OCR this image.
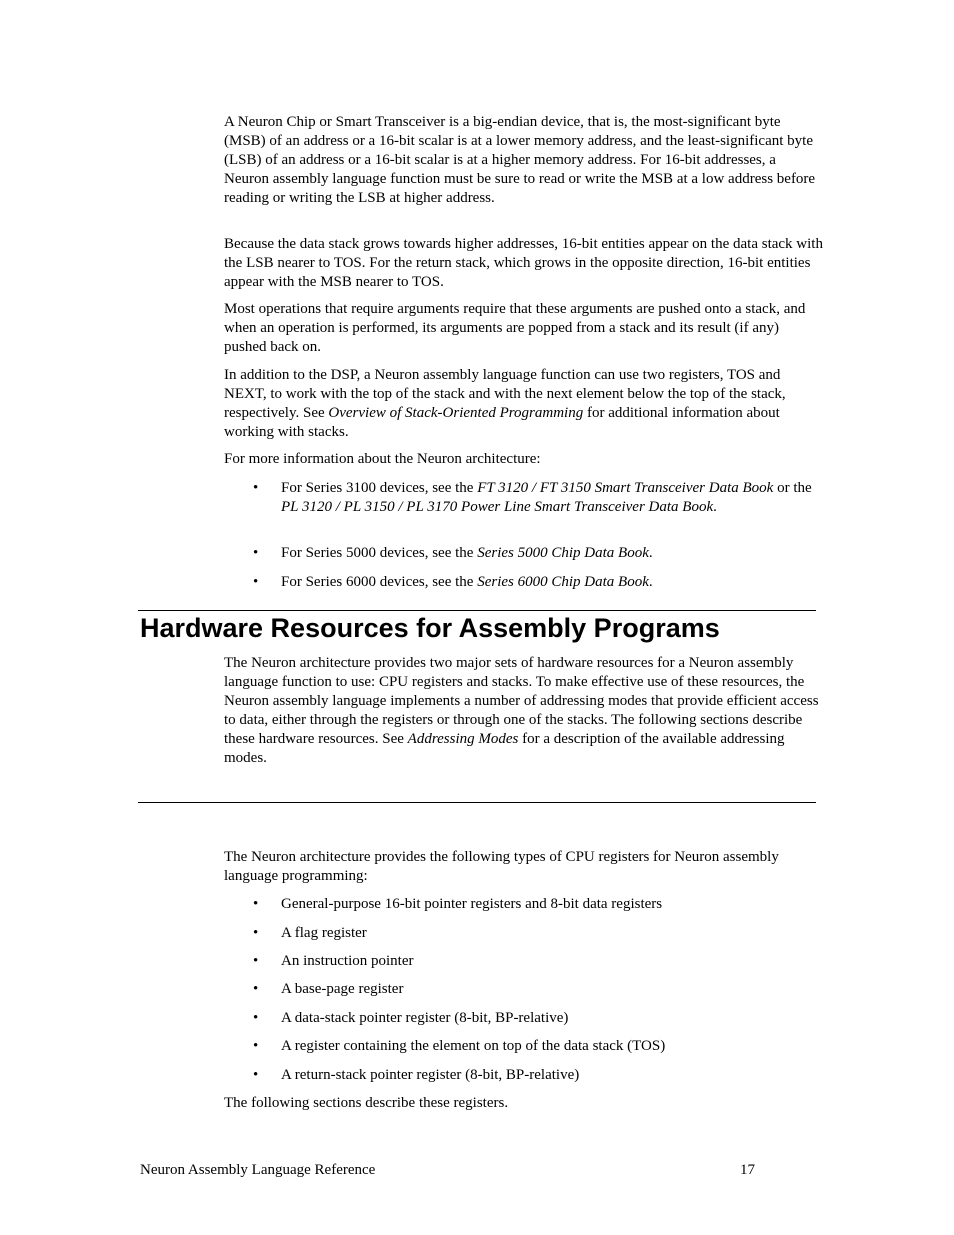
A Neuron Chip or Smart Transceiver is a big-endian device, that is, the most-significant byte (MSB) of an address or a 16-bit scalar is at a lower memory address, and the least-significant byte (LSB) of an address or a 16-bit scalar is at a higher memory address. For 16-bit addresses, a Neuron assembly language function must be sure to read or write the MSB at a low address before reading or writing the LSB at higher address.

Because the data stack grows towards higher addresses, 16-bit entities appear on the data stack with the LSB nearer to TOS. For the return stack, which grows in the opposite direction, 16-bit entities appear with the MSB nearer to TOS.

Most operations that require arguments require that these arguments are pushed onto a stack, and when an operation is performed, its arguments are popped from a stack and its result (if any) pushed back on.

In addition to the DSP, a Neuron assembly language function can use two registers, TOS and NEXT, to work with the top of the stack and with the next element below the top of the stack, respectively. See Overview of Stack-Oriented Programming for additional information about working with stacks.

For more information about the Neuron architecture:

• For Series 3100 devices, see the FT 3120 / FT 3150 Smart Transceiver Data Book or the PL 3120 / PL 3150 / PL 3170 Power Line Smart Transceiver Data Book.

• For Series 5000 devices, see the Series 5000 Chip Data Book.

• For Series 6000 devices, see the Series 6000 Chip Data Book.

Hardware Resources for Assembly Programs

The Neuron architecture provides two major sets of hardware resources for a Neuron assembly language function to use: CPU registers and stacks. To make effective use of these resources, the Neuron assembly language implements a number of addressing modes that provide efficient access to data, either through the registers or through one of the stacks. The following sections describe these hardware resources. See Addressing Modes for a description of the available addressing modes.

The Neuron architecture provides the following types of CPU registers for Neuron assembly language programming:

• General-purpose 16-bit pointer registers and 8-bit data registers

• A flag register

• An instruction pointer

• A base-page register

• A data-stack pointer register (8-bit, BP-relative)

• A register containing the element on top of the data stack (TOS)

• A return-stack pointer register (8-bit, BP-relative)

The following sections describe these registers.

Neuron Assembly Language Reference	17
